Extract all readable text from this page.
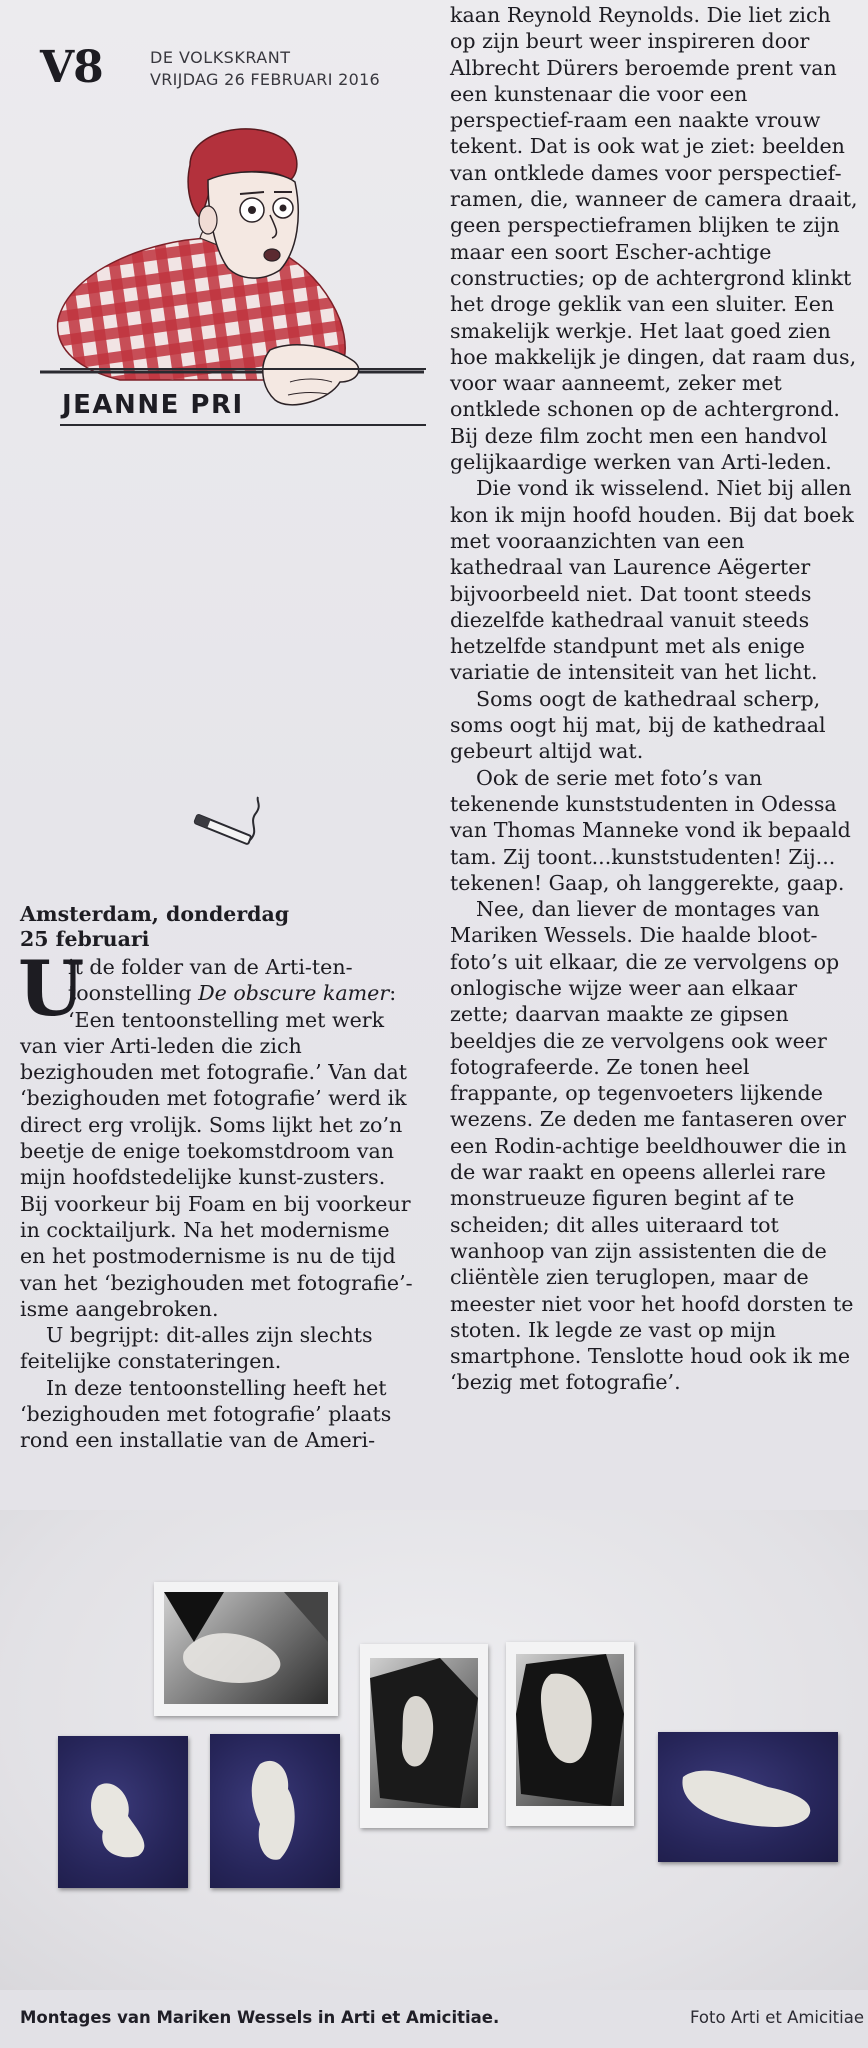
V8	DE VOLKSKRANT
VRIJDAG 26 FEBRUARI 2016
JEANNE PRI
Amsterdam, donderdag
25 februari

U
it de folder van de Arti-ten-toonstelling De obscure kamer: ‘Een tentoonstelling met werk van vier Arti-leden die zich bezighouden met fotografie.’ Van dat ‘bezighouden met fotografie’ werd ik direct erg vrolijk. Soms lijkt het zo’n beetje de enige toekomstdroom van mijn hoofdstedelijke kunst-zusters. Bij voorkeur bij Foam en bij voorkeur in cocktailjurk. Na het modernisme en het postmodernisme is nu de tijd van het ‘bezighouden met fotografie’-isme aangebroken.

U begrijpt: dit-alles zijn slechts feitelijke constateringen.

In deze tentoonstelling heeft het ‘bezighouden met fotografie’ plaats rond een installatie van de Ameri-

kaan Reynold Reynolds. Die liet zich op zijn beurt weer inspireren door Albrecht Dürers beroemde prent van een kunstenaar die voor een perspectief-raam een naakte vrouw tekent. Dat is ook wat je ziet: beelden van ontklede dames voor perspectief-ramen, die, wanneer de camera draait, geen perspectieframen blijken te zijn maar een soort Escher-achtige constructies; op de achtergrond klinkt het droge geklik van een sluiter. Een smakelijk werkje. Het laat goed zien hoe makkelijk je dingen, dat raam dus, voor waar aanneemt, zeker met ontklede schonen op de achtergrond. Bij deze film zocht men een handvol gelijkaardige werken van Arti-leden.

Die vond ik wisselend. Niet bij allen kon ik mijn hoofd houden. Bij dat boek met vooraanzichten van een kathedraal van Laurence Aëgerter bijvoorbeeld niet. Dat toont steeds diezelfde kathedraal vanuit steeds hetzelfde standpunt met als enige variatie de intensiteit van het licht.

Soms oogt de kathedraal scherp, soms oogt hij mat, bij de kathedraal gebeurt altijd wat.

Ook de serie met foto’s van tekenende kunststudenten in Odessa van Thomas Manneke vond ik bepaald tam. Zij toont...kunststudenten! Zij... tekenen! Gaap, oh langgerekte, gaap.

Nee, dan liever de montages van Mariken Wessels. Die haalde bloot-foto’s uit elkaar, die ze vervolgens op onlogische wijze weer aan elkaar zette; daarvan maakte ze gipsen beeldjes die ze vervolgens ook weer fotografeerde. Ze tonen heel frappante, op tegenvoeters lijkende wezens. Ze deden me fantaseren over een Rodin-achtige beeldhouwer die in de war raakt en opeens allerlei rare monstrueuze figuren begint af te scheiden; dit alles uiteraard tot wanhoop van zijn assistenten die de cliëntèle zien teruglopen, maar de meester niet voor het hoofd dorsten te stoten. Ik legde ze vast op mijn smartphone. Tenslotte houd ook ik me ‘bezig met fotografie’.

Montages van Mariken Wessels in Arti et Amicitiae.	Foto Arti et Amicitiae
